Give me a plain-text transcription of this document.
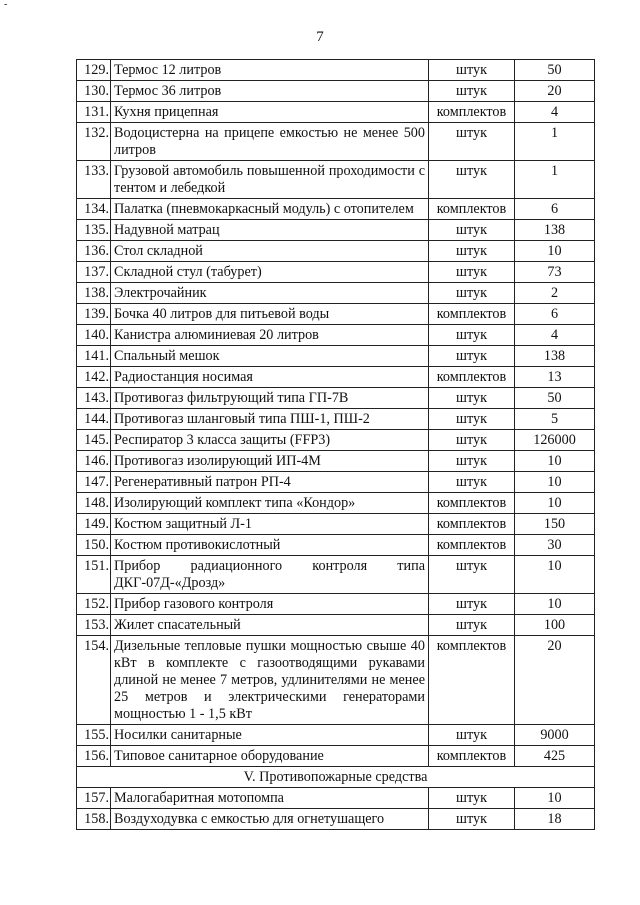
-
7
129.	Термос 12 литров	штук	50
130.	Термос 36 литров	штук	20
131.	Кухня прицепная	комплектов	4
132.	Водоцистерна на прицепе емкостью не менее 500 литров	штук	1
133.	Грузовой автомобиль повышенной проходимости с тентом и лебедкой	штук	1
134.	Палатка (пневмокаркасный модуль) с отопителем	комплектов	6
135.	Надувной матрац	штук	138
136.	Стол складной	штук	10
137.	Складной стул (табурет)	штук	73
138.	Электрочайник	штук	2
139.	Бочка 40 литров для питьевой воды	комплектов	6
140.	Канистра алюминиевая 20 литров	штук	4
141.	Спальный мешок	штук	138
142.	Радиостанция носимая	комплектов	13
143.	Противогаз фильтрующий типа ГП-7В	штук	50
144.	Противогаз шланговый типа ПШ-1, ПШ-2	штук	5
145.	Респиратор 3 класса защиты (FFP3)	штук	126000
146.	Противогаз изолирующий ИП-4М	штук	10
147.	Регенеративный патрон РП-4	штук	10
148.	Изолирующий комплект типа «Кондор»	комплектов	10
149.	Костюм защитный Л-1	комплектов	150
150.	Костюм противокислотный	комплектов	30
151.	Прибор радиационного контроля типа ДКГ-07Д-«Дрозд»	штук	10
152.	Прибор газового контроля	штук	10
153.	Жилет спасательный	штук	100
154.	Дизельные тепловые пушки мощностью свыше 40 кВт в комплекте с газоотводящими рукавами длиной не менее 7 метров, удлинителями не менее 25 метров и электрическими генераторами мощностью 1 - 1,5 кВт	комплектов	20
155.	Носилки санитарные	штук	9000
156.	Типовое санитарное оборудование	комплектов	425
V. Противопожарные средства			
157.	Малогабаритная мотопомпа	штук	10
158.	Воздуходувка с емкостью для огнетушащего	штук	18
